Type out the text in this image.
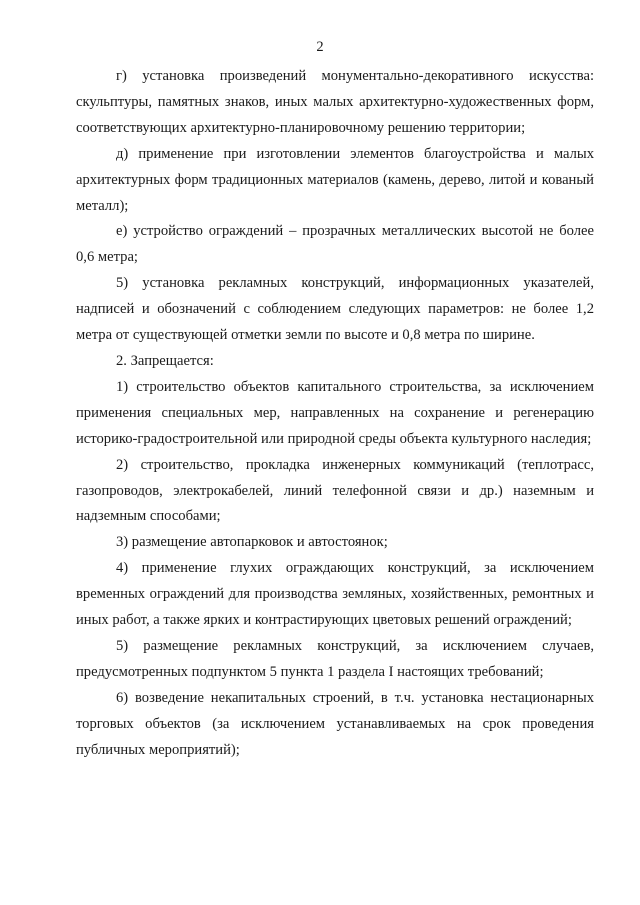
2

г) установка произведений монументально-декоративного искусства: скульптуры, памятных знаков, иных малых архитектурно-художественных форм, соответствующих архитектурно-планировочному решению территории;

д) применение при изготовлении элементов благоустройства и малых архитектурных форм традиционных материалов (камень, дерево, литой и кованый металл);

е) устройство ограждений – прозрачных металлических высотой не более 0,6 метра;

5) установка рекламных конструкций, информационных указателей, надписей и обозначений с соблюдением следующих параметров: не более 1,2 метра от существующей отметки земли по высоте и 0,8 метра по ширине.

2. Запрещается:

1) строительство объектов капитального строительства, за исключением применения специальных мер, направленных на сохранение и регенерацию историко-градостроительной или природной среды объекта культурного наследия;

2) строительство, прокладка инженерных коммуникаций (теплотрасс, газопроводов, электрокабелей, линий телефонной связи и др.) наземным и надземным способами;

3) размещение автопарковок и автостоянок;

4) применение глухих ограждающих конструкций, за исключением временных ограждений для производства земляных, хозяйственных, ремонтных и иных работ, а также ярких и контрастирующих цветовых решений ограждений;

5) размещение рекламных конструкций, за исключением случаев, предусмотренных подпунктом 5 пункта 1 раздела I настоящих требований;

6) возведение некапитальных строений, в т.ч. установка нестационарных торговых объектов (за исключением устанавливаемых на срок проведения публичных мероприятий);
